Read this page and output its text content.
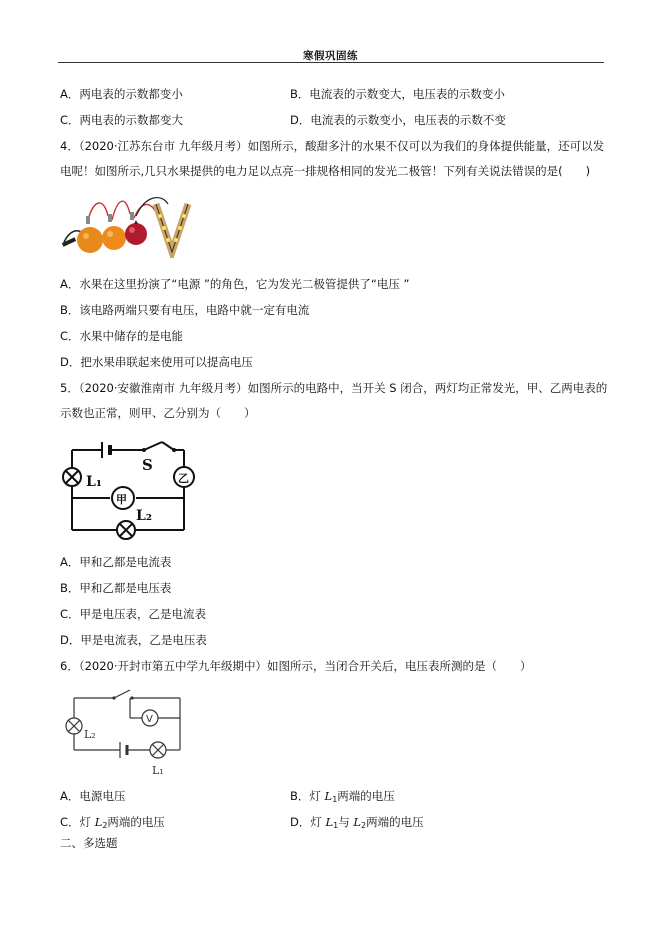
寒假巩固练
A．两电表的示数都变小	B．电流表的示数变大，电压表的示数变小
C．两电表的示数都变大	D．电流表的示数变小，电压表的示数不变
4．（2020·江苏东台市 九年级月考）如图所示，酸甜多汁的水果不仅可以为我们的身体提供能量，还可以发
电呢！如图所示,几只水果提供的电力足以点亮一排规格相同的发光二极管！下列有关说法错误的是(　　)
A．水果在这里扮演了“电源 ”的角色，它为发光二极管提供了“电压 ”
B．该电路两端只要有电压，电路中就一定有电流
C．水果中储存的是电能
D．把水果串联起来使用可以提高电压
5．（2020·安徽淮南市 九年级月考）如图所示的电路中，当开关 S 闭合，两灯均正常发光，甲、乙两电表的
示数也正常，则甲、乙分别为（　　）
S
L₁
L₂
甲
乙
A．甲和乙都是电流表
B．甲和乙都是电压表
C．甲是电压表，乙是电流表
D．甲是电流表，乙是电压表
6．（2020·开封市第五中学九年级期中）如图所示，当闭合开关后，电压表所测的是（　　）
V
L₂
L₁
A．电源电压	B．灯 $L_1$两端的电压
C．灯 $L_2$两端的电压	D．灯 $L_1$与 $L_2$两端的电压
二、多选题
